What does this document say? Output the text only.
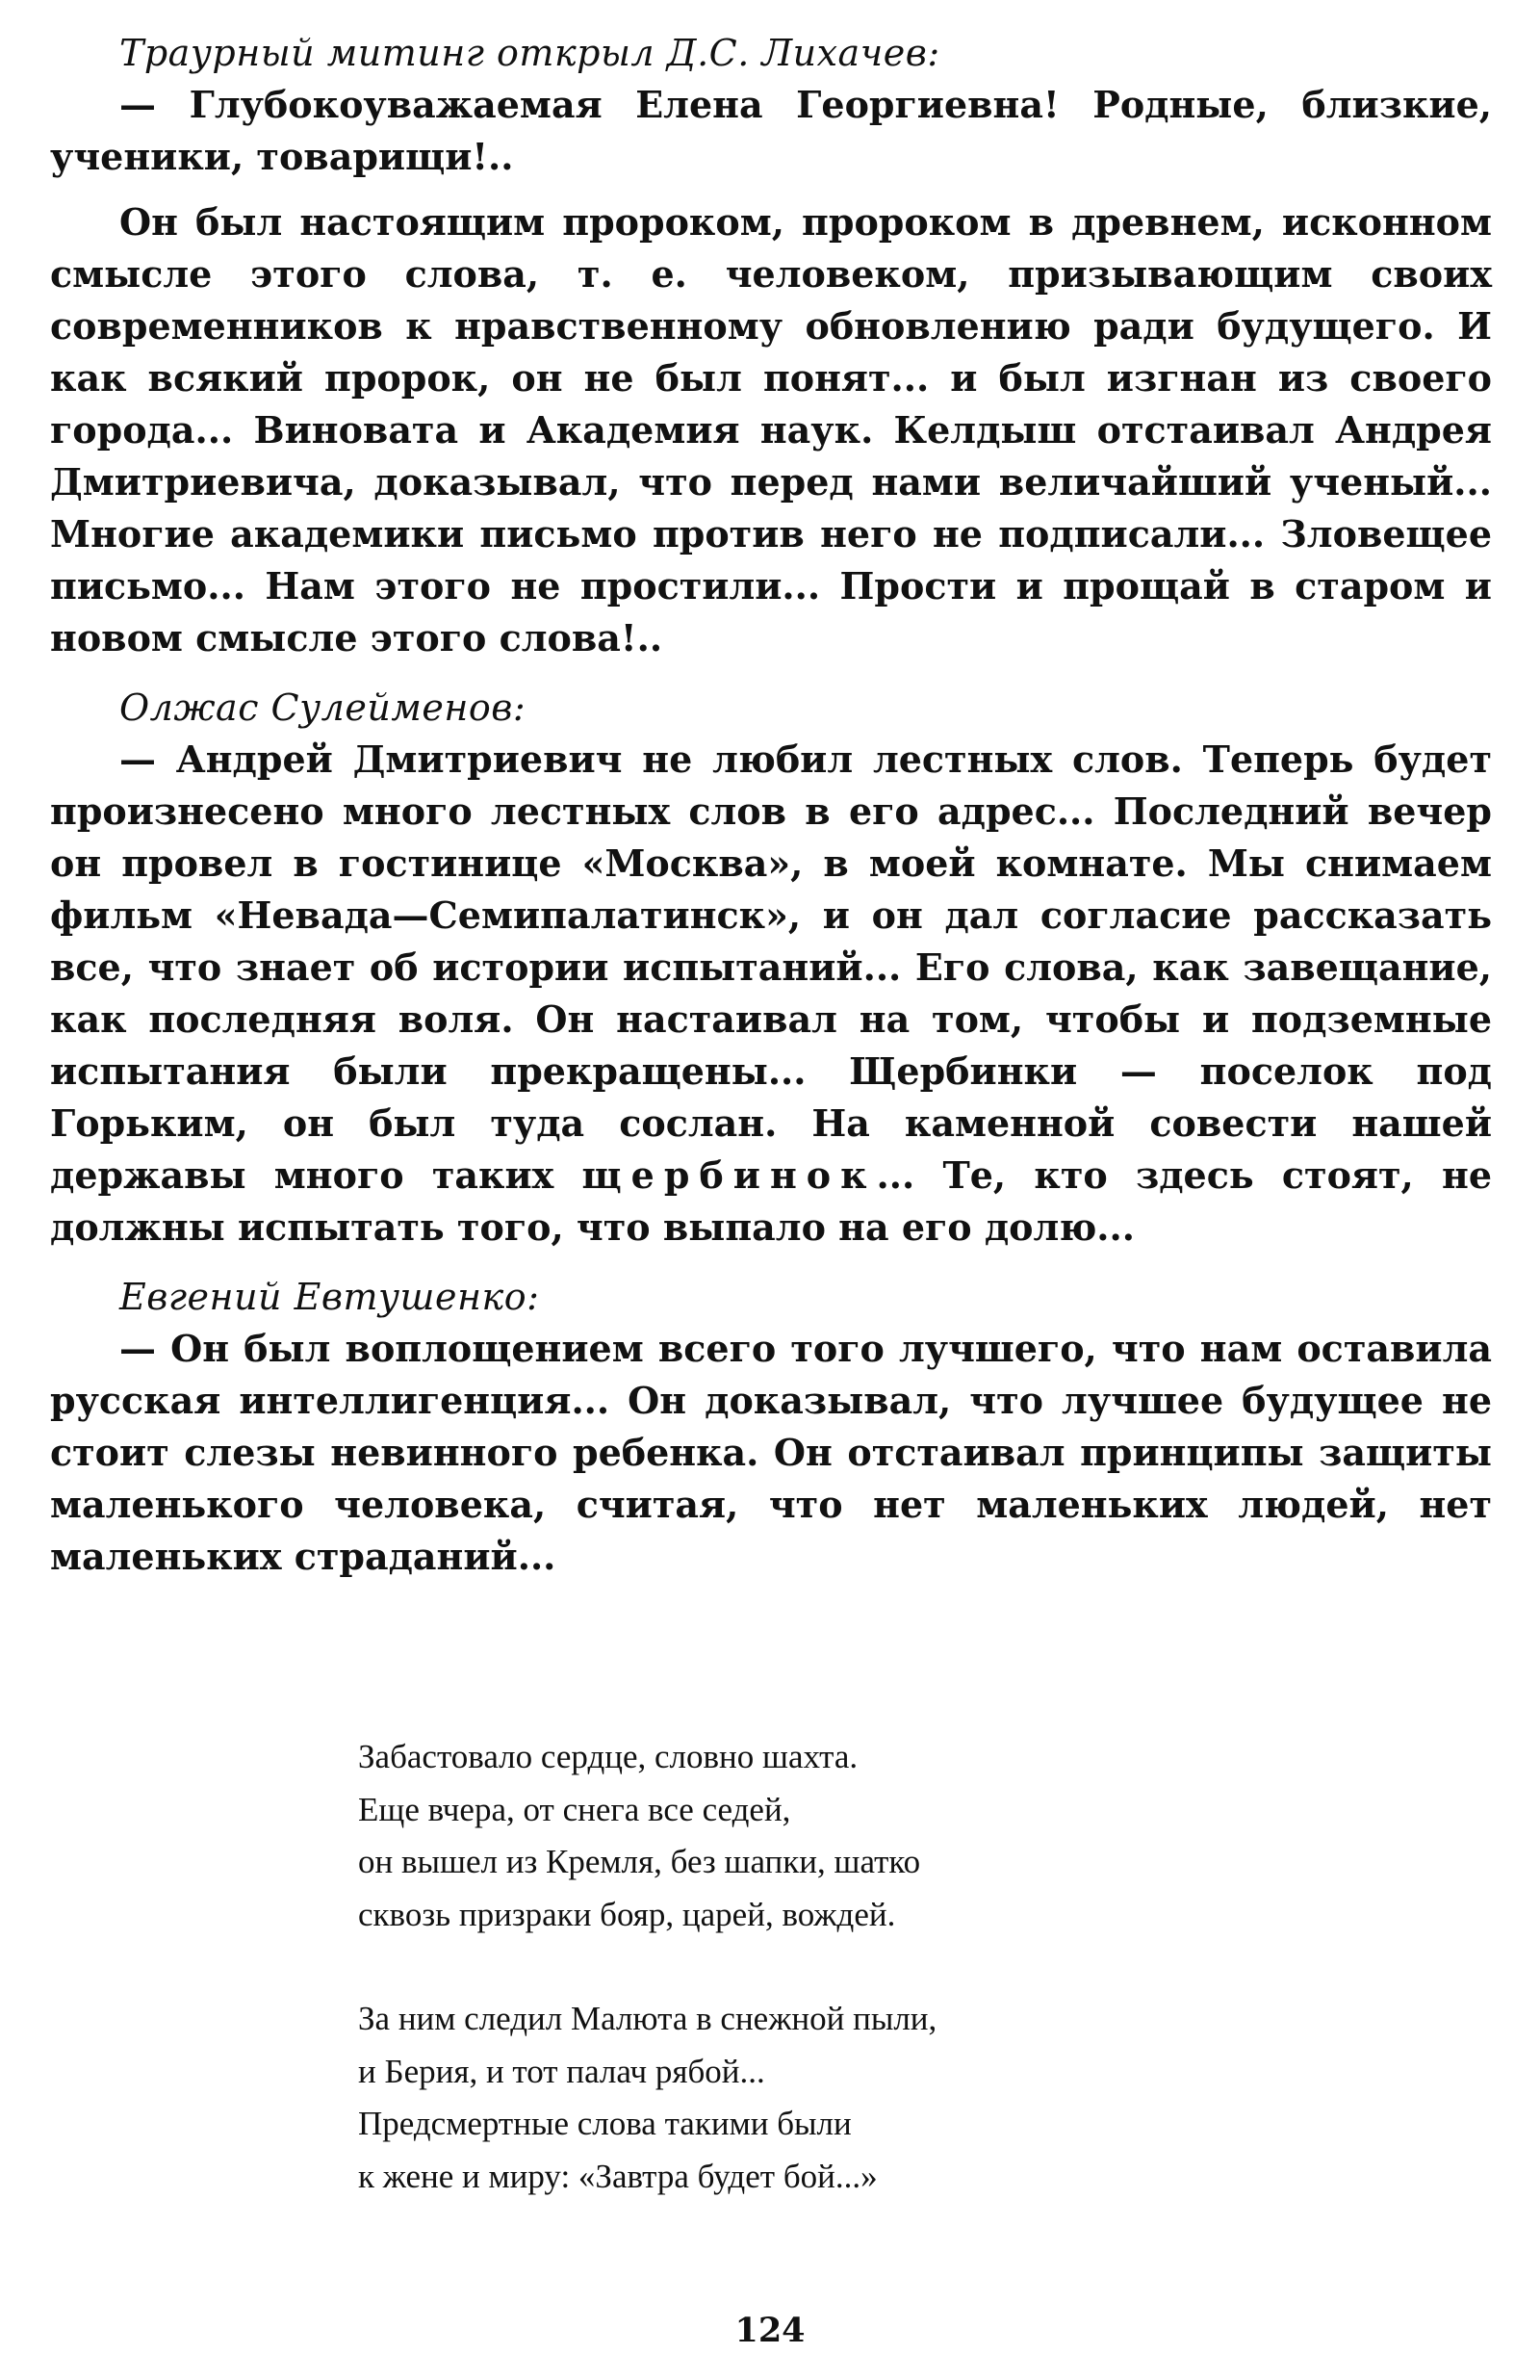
Траурный митинг открыл Д.С. Лихачев:

— Глубокоуважаемая Елена Георгиевна! Родные, близкие, ученики, товарищи!..

Он был настоящим пророком, пророком в древнем, исконном смысле этого слова, т. е. человеком, призывающим своих современников к нравственному обновлению ради будущего. И как всякий пророк, он не был понят... и был изгнан из своего города... Виновата и Академия наук. Келдыш отстаивал Андрея Дмитриевича, доказывал, что перед нами величайший ученый... Многие академики письмо против него не подписали... Зловещее письмо... Нам этого не простили... Прости и прощай в старом и новом смысле этого слова!..

Олжас Сулейменов:

— Андрей Дмитриевич не любил лестных слов. Теперь будет произнесено много лестных слов в его адрес... Последний вечер он провел в гостинице «Москва», в моей комнате. Мы снимаем фильм «Невада—Семипалатинск», и он дал согласие рассказать все, что знает об истории испытаний... Его слова, как завещание, как последняя воля. Он настаивал на том, чтобы и подземные испытания были прекращены... Щербинки — поселок под Горьким, он был туда сослан. На каменной совести нашей державы много таких щербинок... Те, кто здесь стоят, не должны испытать того, что выпало на его долю...

Евгений Евтушенко:

— Он был воплощением всего того лучшего, что нам оставила русская интеллигенция... Он доказывал, что лучшее будущее не стоит слезы невинного ребенка. Он отстаивал принципы защиты маленького человека, считая, что нет маленьких людей, нет маленьких страданий...

Забастовало сердце, словно шахта.
Еще вчера, от снега все седей,
он вышел из Кремля, без шапки, шатко
сквозь призраки бояр, царей, вождей.
За ним следил Малюта в снежной пыли,
и Берия, и тот палач рябой...
Предсмертные слова такими были
к жене и миру: «Завтра будет бой...»
124
